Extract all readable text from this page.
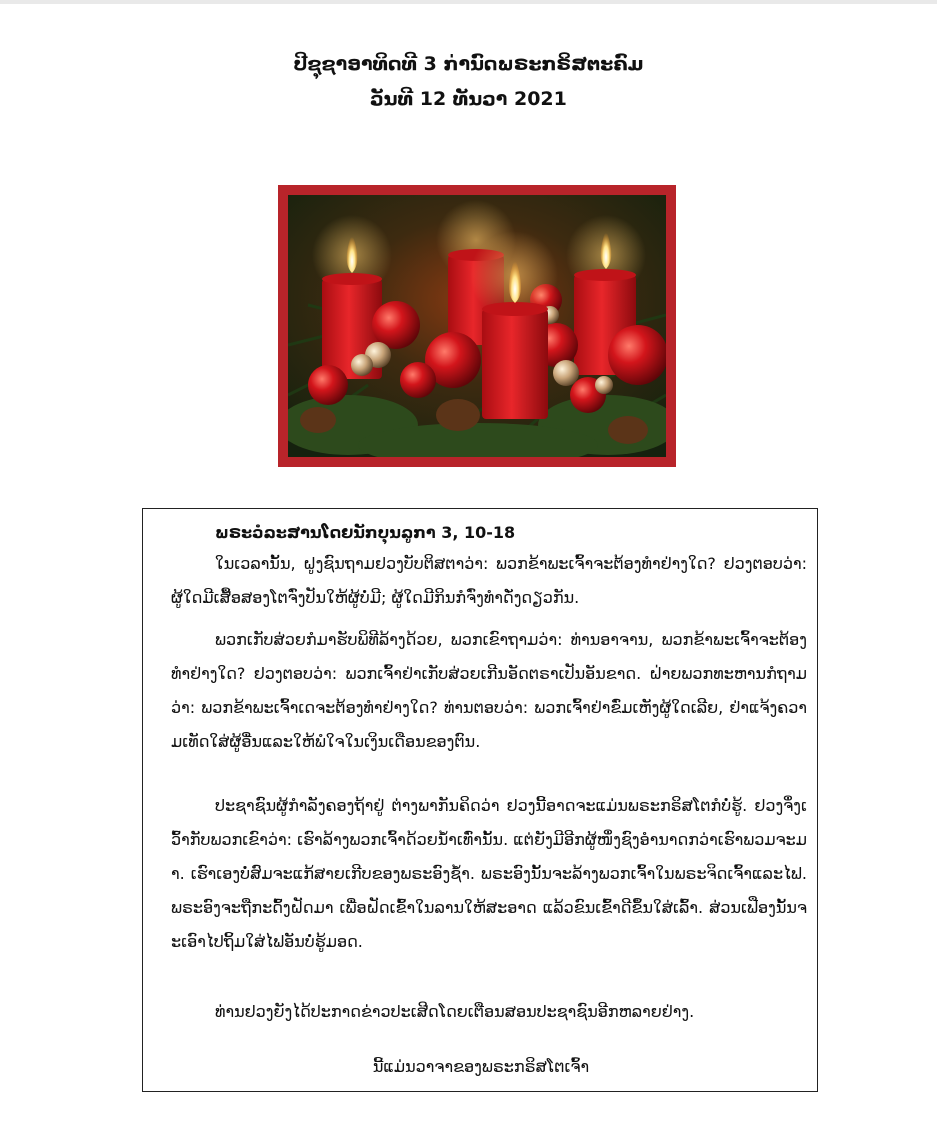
ປີຊຸຊາອາທິດທີ 3 ກ່ານົດພຣະກຣິສຕະຄົມ
ວັນທີ 12 ທັນວາ 2021
ພຣະວໍລະສານໂດຍນັກບຸນລູກາ 3, 10-18

ໃນເວລານັ້ນ, ຝູງຊົນຖາມຢວງບັບຕິສຕາວ່າ: ພວກຂ້າພະເຈົ້າຈະຕ້ອງທຳຢ່າງໃດ? ຢວງຕອບວ່າ: ຜູ້ໃດມີເສື້ອສອງໂຕຈົ່ງປັນໃຫ້ຜູ້ບໍ່ມີ; ຜູ້ໃດມີກິນກໍຈົ່ງທຳດັ່ງດຽວກັນ.

ພວກເກັບສ່ວຍກໍມາຮັບພິທີລ້າງດ້ວຍ, ພວກເຂົາຖາມວ່າ: ທ່ານອາຈານ, ພວກຂ້າພະເຈົ້າຈະຕ້ອງທຳຢ່າງໃດ? ຢວງຕອບວ່າ: ພວກເຈົ້າຢ່າເກັບສ່ວຍເກີນອັດຕຣາເປັນອັນຂາດ. ຝ່າຍພວກທະຫານກໍຖາມວ່າ: ພວກຂ້າພະເຈົ້າເດຈະຕ້ອງທຳຢ່າງໃດ? ທ່ານຕອບວ່າ: ພວກເຈົ້າຢ່າຂົ່ມເຫັງຜູ້ໃດເລີຍ, ຢ່າແຈ້ງຄວາມເທັດໃສ່ຜູ້ອື່ນແລະໃຫ້ພໍໃຈໃນເງິນເດືອນຂອງຕົນ.

ປະຊາຊົນຜູ້ກຳລັງຄອງຖ້າຢູ່ ຕ່າງພາກັນຄິດວ່າ ຢວງນີ້ອາດຈະແມ່ນພຣະກຣິສໂຕກໍບໍ່ຮູ້. ຢວງຈຶ່ງເວົ້າກັບພວກເຂົາວ່າ: ເຮົາລ້າງພວກເຈົ້າດ້ວຍນ້ຳເທົ່ານັ້ນ. ແຕ່ຍັງມີອີກຜູ້ໜຶ່ງຊົງອຳນາດກວ່າເຮົາພວມຈະມາ. ເຮົາເອງບໍ່ສົມຈະແກ້ສາຍເກີບຂອງພຣະອົງຊ້ຳ. ພຣະອົງນັ້ນຈະລ້າງພວກເຈົ້າໃນພຣະຈິດເຈົ້າແລະໄຟ. ພຣະອົງຈະຖືກະດົ້ງຝັດມາ ເພື່ອຝັດເຂົ້າໃນລານໃຫ້ສະອາດ ແລ້ວຂົນເຂົ້າດີຂຶ້ນໃສ່ເລົ້າ. ສ່ວນເຟືອງນັ້ນຈະເອົາໄປຖິ້ມໃສ່ໄຟອັນບໍ່ຮູ້ມອດ.

ທ່ານຢວງຍັງໄດ້ປະກາດຂ່າວປະເສີດໂດຍເຕືອນສອນປະຊາຊົນອີກຫລາຍຢ່າງ.

ນີ້ແມ່ນວາຈາຂອງພຣະກຣິສໂຕເຈົ້າ
